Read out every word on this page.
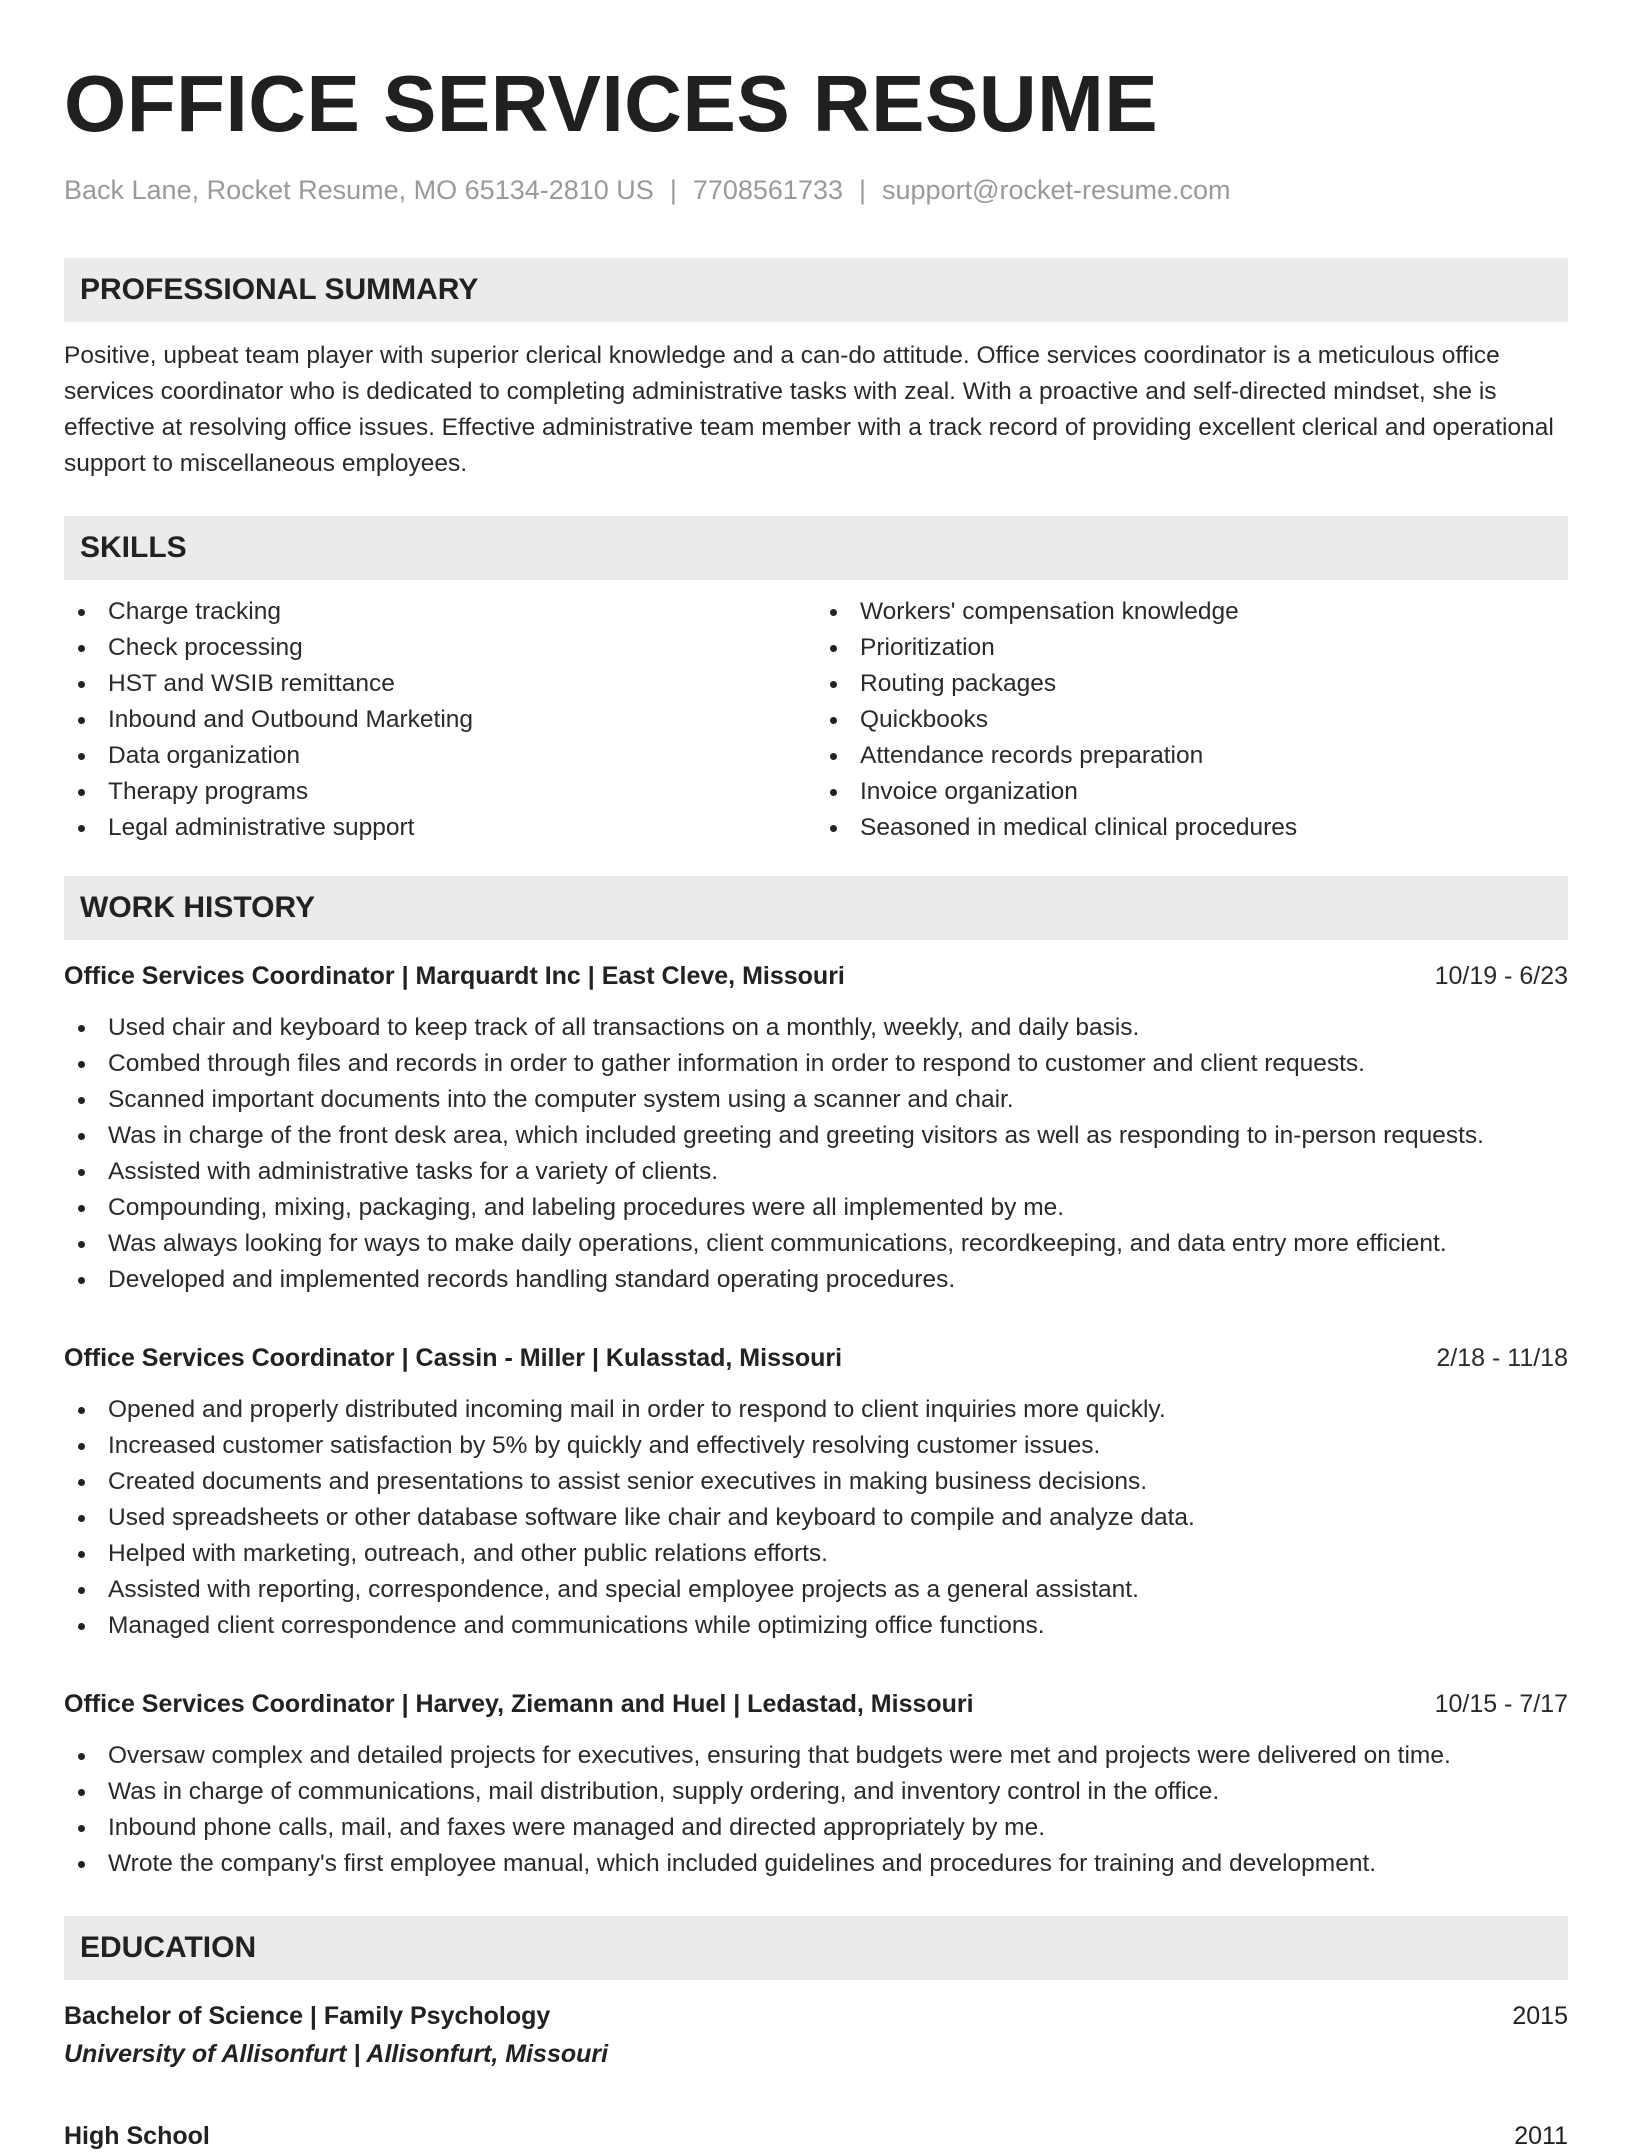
OFFICE SERVICES RESUME
Back Lane, Rocket Resume, MO 65134-2810 US | 7708561733 | support@rocket-resume.com
PROFESSIONAL SUMMARY
Positive, upbeat team player with superior clerical knowledge and a can-do attitude. Office services coordinator is a meticulous office services coordinator who is dedicated to completing administrative tasks with zeal. With a proactive and self-directed mindset, she is effective at resolving office issues. Effective administrative team member with a track record of providing excellent clerical and operational support to miscellaneous employees.
SKILLS
Charge tracking
Check processing
HST and WSIB remittance
Inbound and Outbound Marketing
Data organization
Therapy programs
Legal administrative support
Workers' compensation knowledge
Prioritization
Routing packages
Quickbooks
Attendance records preparation
Invoice organization
Seasoned in medical clinical procedures
WORK HISTORY
Office Services Coordinator | Marquardt Inc | East Cleve, Missouri	10/19 - 6/23
Used chair and keyboard to keep track of all transactions on a monthly, weekly, and daily basis.
Combed through files and records in order to gather information in order to respond to customer and client requests.
Scanned important documents into the computer system using a scanner and chair.
Was in charge of the front desk area, which included greeting and greeting visitors as well as responding to in-person requests.
Assisted with administrative tasks for a variety of clients.
Compounding, mixing, packaging, and labeling procedures were all implemented by me.
Was always looking for ways to make daily operations, client communications, recordkeeping, and data entry more efficient.
Developed and implemented records handling standard operating procedures.
Office Services Coordinator | Cassin - Miller | Kulasstad, Missouri	2/18 - 11/18
Opened and properly distributed incoming mail in order to respond to client inquiries more quickly.
Increased customer satisfaction by 5% by quickly and effectively resolving customer issues.
Created documents and presentations to assist senior executives in making business decisions.
Used spreadsheets or other database software like chair and keyboard to compile and analyze data.
Helped with marketing, outreach, and other public relations efforts.
Assisted with reporting, correspondence, and special employee projects as a general assistant.
Managed client correspondence and communications while optimizing office functions.
Office Services Coordinator | Harvey, Ziemann and Huel | Ledastad, Missouri	10/15 - 7/17
Oversaw complex and detailed projects for executives, ensuring that budgets were met and projects were delivered on time.
Was in charge of communications, mail distribution, supply ordering, and inventory control in the office.
Inbound phone calls, mail, and faxes were managed and directed appropriately by me.
Wrote the company's first employee manual, which included guidelines and procedures for training and development.
EDUCATION
Bachelor of Science | Family Psychology	2015
University of Allisonfurt | Allisonfurt, Missouri
High School	2011
